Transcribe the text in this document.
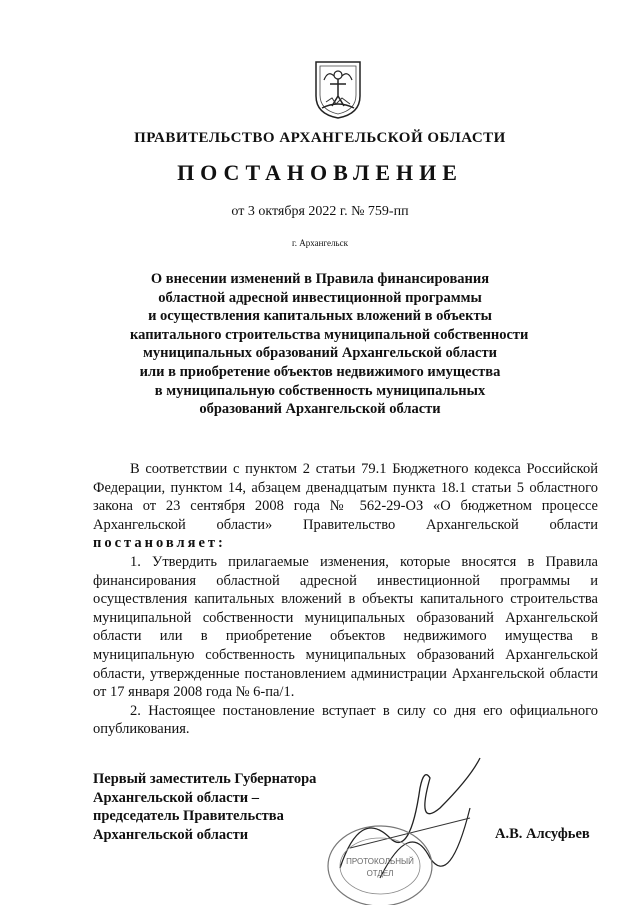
ПРАВИТЕЛЬСТВО АРХАНГЕЛЬСКОЙ ОБЛАСТИ
ПОСТАНОВЛЕНИЕ
от 3 октября 2022 г. № 759-пп
г. Архангельск
О внесении изменений в Правила финансирования
областной адресной инвестиционной программы
и осуществления капитальных вложений в объекты
капитального строительства муниципальной собственности
муниципальных образований Архангельской области
или в приобретение объектов недвижимого имущества
в муниципальную собственность муниципальных
образований Архангельской области

В соответствии с пунктом 2 статьи 79.1 Бюджетного кодекса Российской Федерации, пунктом 14, абзацем двенадцатым пункта 18.1 статьи 5 областного закона от 23 сентября 2008 года № 562-29-ОЗ «О бюджетном процессе Архангельской области» Правительство Архангельской области постановляет:

1. Утвердить прилагаемые изменения, которые вносятся в Правила финансирования областной адресной инвестиционной программы и осуществления капитальных вложений в объекты капитального строительства муниципальной собственности муниципальных образований Архангельской области или в приобретение объектов недвижимого имущества в муниципальную собственность муниципальных образований Архангельской области, утвержденные постановлением администрации Архангельской области от 17 января 2008 года № 6-па/1.

2. Настоящее постановление вступает в силу со дня его официального опубликования.

ПРОТОКОЛЬНЫЙ
ОТДЕЛ
Первый заместитель Губернатора
Архангельской области –
председатель Правительства
Архангельской области	А.В. Алсуфьев
